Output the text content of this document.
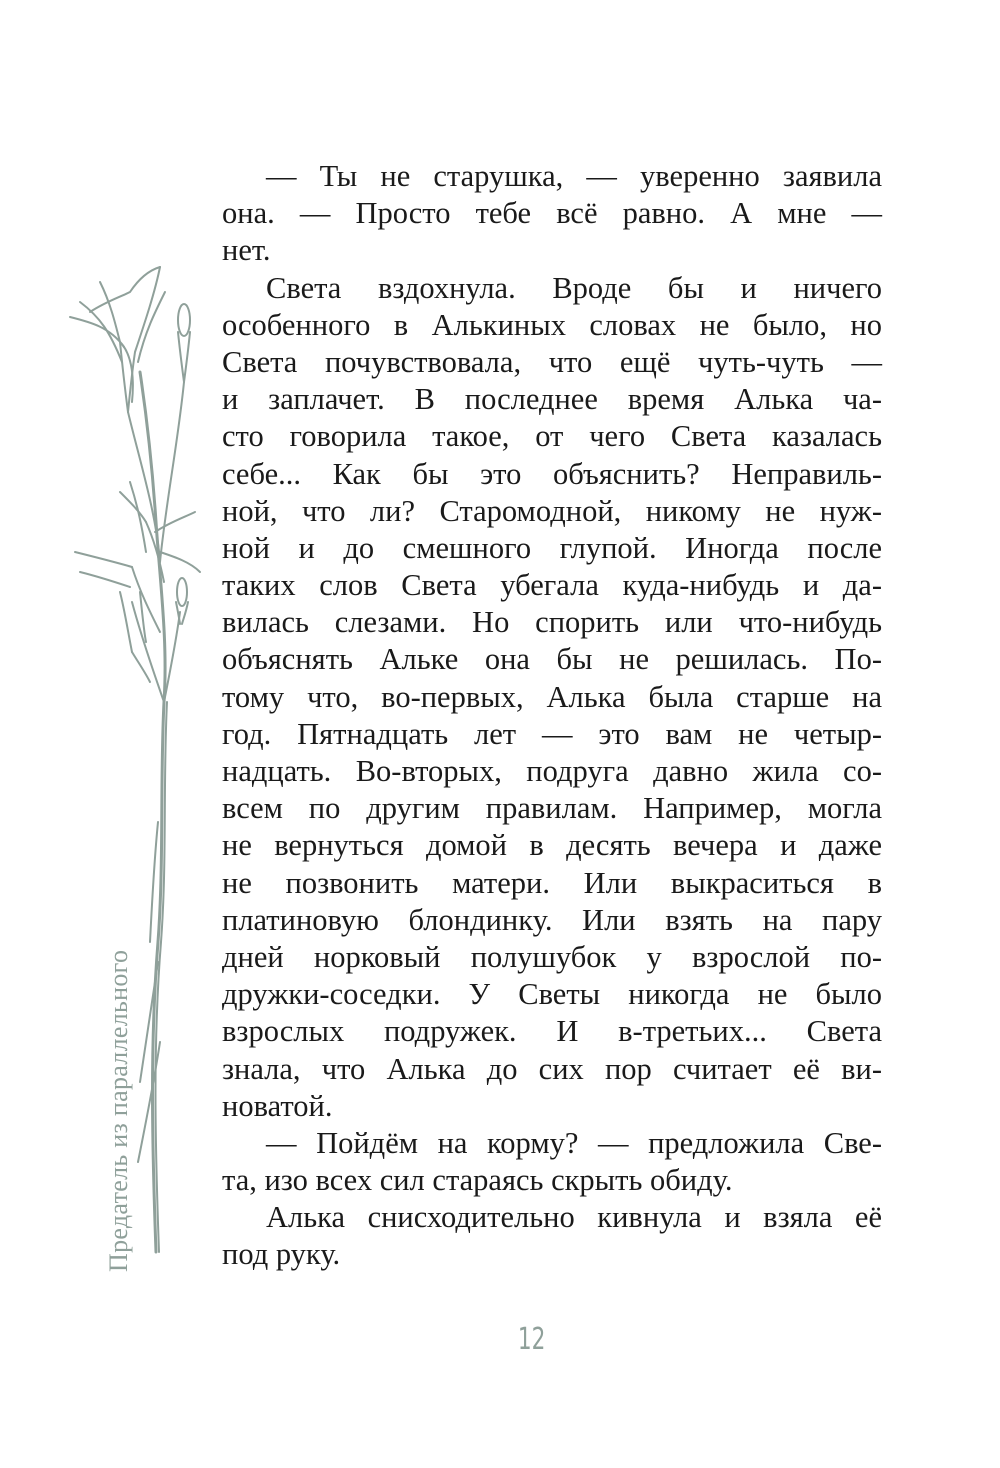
Предатель из параллельного
— Ты не старушка, — уверенно заявила
она. — Просто тебе всё равно. А мне —
нет.
Света вздохнула. Вроде бы и ничего
особенного в Алькиных словах не было, но
Света почувствовала, что ещё чуть-чуть —
и заплачет. В последнее время Алька ча-
сто говорила такое, от чего Света казалась
себе... Как бы это объяснить? Неправиль-
ной, что ли? Старомодной, никому не нуж-
ной и до смешного глупой. Иногда после
таких слов Света убегала куда-нибудь и да-
вилась слезами. Но спорить или что-нибудь
объяснять Альке она бы не решилась. По-
тому что, во-первых, Алька была старше на
год. Пятнадцать лет — это вам не четыр-
надцать. Во-вторых, подруга давно жила со-
всем по другим правилам. Например, могла
не вернуться домой в десять вечера и даже
не позвонить матери. Или выкраситься в
платиновую блондинку. Или взять на пару
дней норковый полушубок у взрослой по-
дружки-соседки. У Светы никогда не было
взрослых подружек. И в-третьих... Света
знала, что Алька до сих пор считает её ви-
новатой.
— Пойдём на корму? — предложила Све-
та, изо всех сил стараясь скрыть обиду.
Алька снисходительно кивнула и взяла её
под руку.
12
